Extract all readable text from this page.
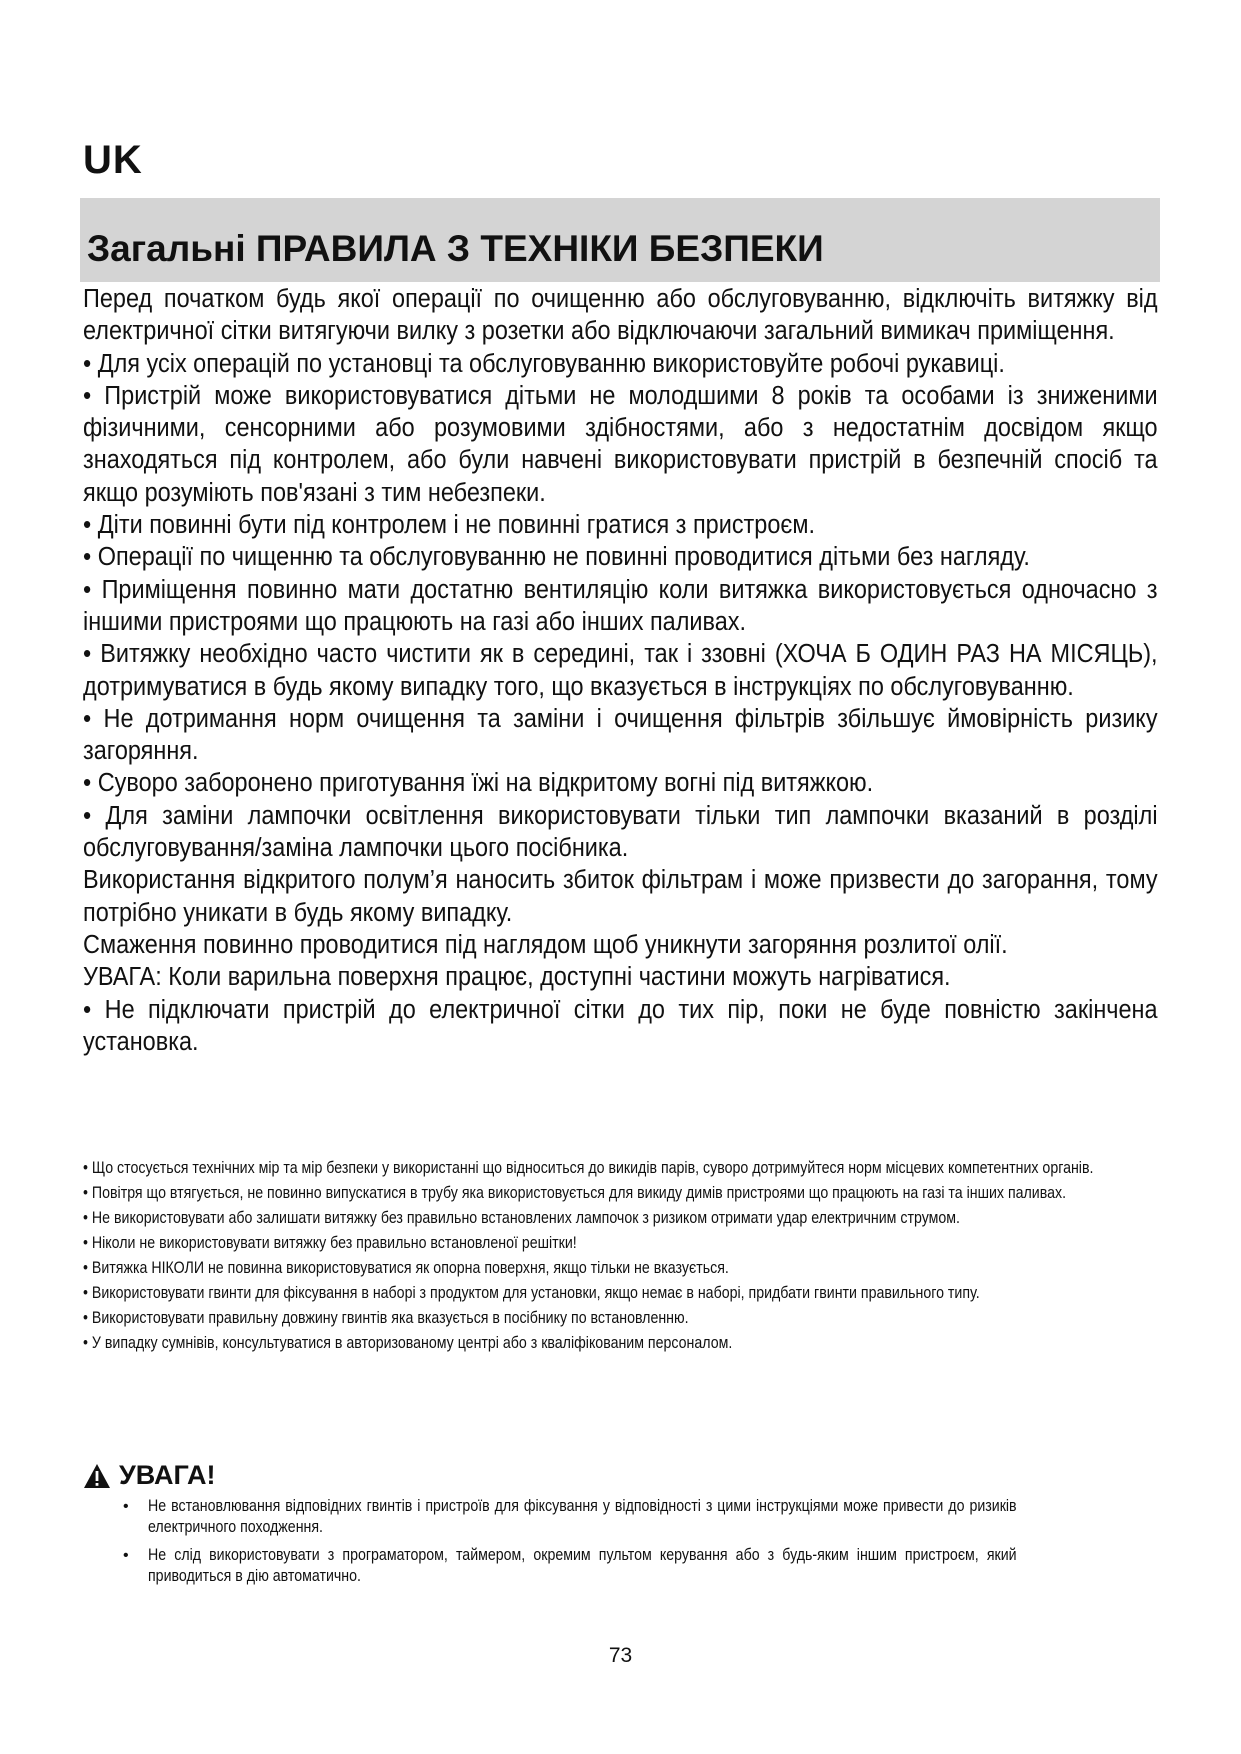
UK
Загальні ПРАВИЛА З ТЕХНІКИ БЕЗПЕКИ
Перед початком будь якої операції по очищенню або обслуговуванню, відключіть витяжку від електричної сітки витягуючи вилку з розетки або відключаючи загальний вимикач приміщення.
• Для усіх операцій по установці та обслуговуванню використовуйте робочі рукавиці.
• Пристрій може використовуватися дітьми не молодшими 8 років та особами із зниженими фізичними, сенсорними або розумовими здібностями, або з недостатнім досвідом якщо знаходяться під контролем, або були навчені використовувати пристрій в безпечній спосіб та якщо розуміють пов'язані з тим небезпеки.
• Діти повинні бути під контролем і не повинні гратися з пристроєм.
• Операції по чищенню та обслуговуванню не повинні проводитися дітьми без нагляду.
• Приміщення повинно мати достатню вентиляцію коли витяжка використовується одночасно з іншими пристроями що працюють на газі або інших паливах.
• Витяжку необхідно часто чистити як в середині, так і ззовні (ХОЧА Б ОДИН РАЗ НА МІСЯЦЬ), дотримуватися в будь якому випадку того, що вказується в інструкціях по обслуговуванню.
• Не дотримання норм очищення та заміни і очищення фільтрів збільшує ймовірність ризику загоряння.
• Суворо заборонено приготування їжі на відкритому вогні під витяжкою.
• Для заміни лампочки освітлення використовувати тільки тип лампочки вказаний в розділі обслуговування/заміна лампочки цього посібника.
Використання відкритого полум’я наносить збиток фільтрам і може призвести до загорання, тому потрібно уникати в будь якому випадку.
Смаження повинно проводитися під наглядом щоб уникнути загоряння розлитої олії.
УВАГА: Коли варильна поверхня працює, доступні частини можуть нагріватися.
• Не підключати пристрій до електричної сітки до тих пір, поки не буде повністю закінчена установка.
• Що стосується технічних мір та мір безпеки у використанні що відноситься до викидів парів, суворо дотримуйтеся норм місцевих компетентних органів.
• Повітря що втягується, не повинно випускатися в трубу яка використовується для викиду димів пристроями що працюють на газі та інших паливах.
• Не використовувати або залишати витяжку без правильно встановлених лампочок з ризиком отримати удар електричним струмом.
• Ніколи не використовувати витяжку без правильно встановленої решітки!
• Витяжка НІКОЛИ не повинна використовуватися як опорна поверхня, якщо тільки не вказується.
• Використовувати гвинти для фіксування в наборі з продуктом для установки, якщо немає в наборі, придбати гвинти правильного типу.
• Використовувати правильну довжину гвинтів яка вказується в посібнику по встановленню.
• У випадку сумнівів, консультуватися в авторизованому центрі або з кваліфікованим персоналом.
УВАГА!
•	Не встановлювання відповідних гвинтів і пристроїв для фіксування у відповідності з цими інструкціями може привести до ризиків електричного походження.
•	Не слід використовувати з програматором, таймером, окремим пультом керування або з будь-яким іншим пристроєм, який приводиться в дію автоматично.
73
